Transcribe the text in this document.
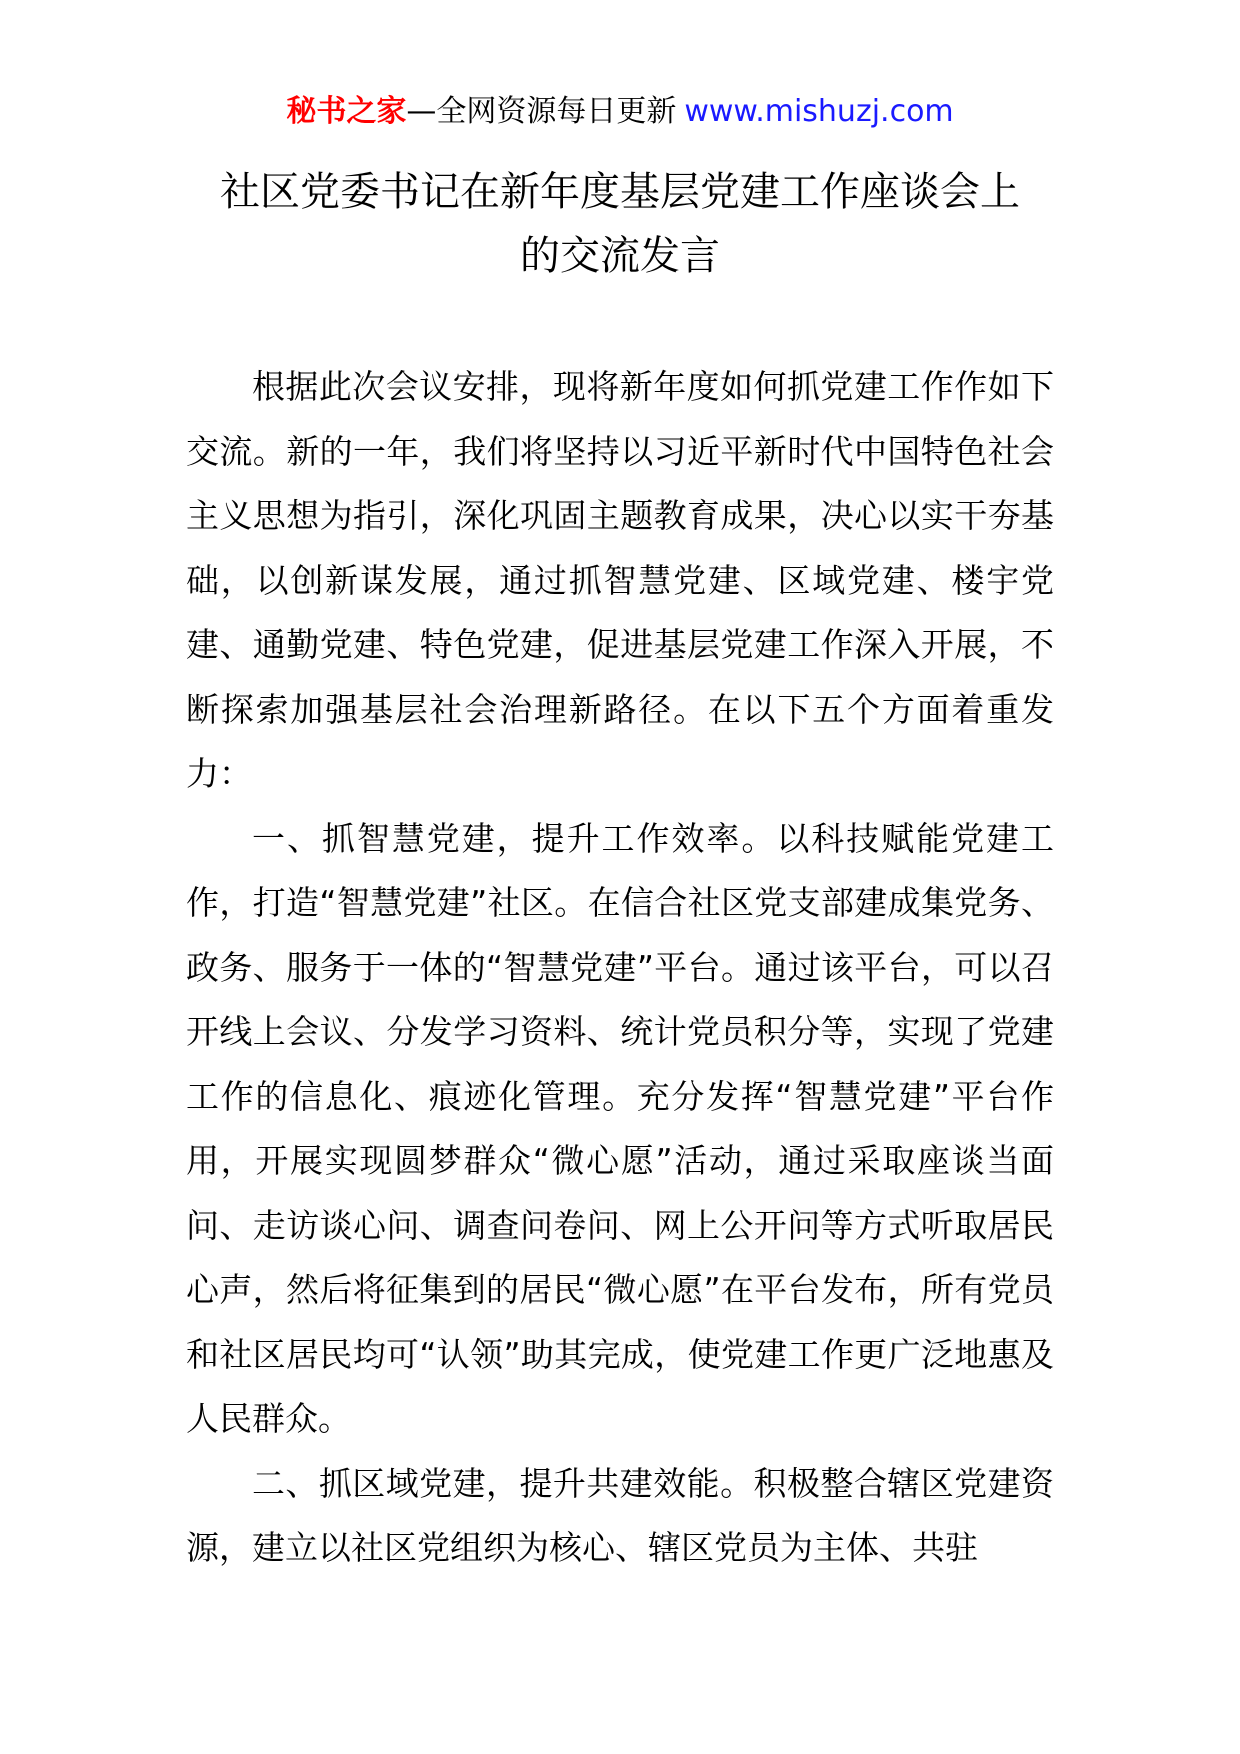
秘书之家—全网资源每日更新 www.mishuzj.com
社区党委书记在新年度基层党建工作座谈会上
的交流发言

根据此次会议安排，现将新年度如何抓党建工作作如下交流。新的一年，我们将坚持以习近平新时代中国特色社会主义思想为指引，深化巩固主题教育成果，决心以实干夯基础，以创新谋发展，通过抓智慧党建、区域党建、楼宇党建、通勤党建、特色党建，促进基层党建工作深入开展，不断探索加强基层社会治理新路径。在以下五个方面着重发力：

一、抓智慧党建，提升工作效率。以科技赋能党建工作，打造“智慧党建”社区。在信合社区党支部建成集党务、政务、服务于一体的“智慧党建”平台。通过该平台，可以召开线上会议、分发学习资料、统计党员积分等，实现了党建工作的信息化、痕迹化管理。充分发挥“智慧党建”平台作用，开展实现圆梦群众“微心愿”活动，通过采取座谈当面问、走访谈心问、调查问卷问、网上公开问等方式听取居民心声，然后将征集到的居民“微心愿”在平台发布，所有党员和社区居民均可“认领”助其完成，使党建工作更广泛地惠及人民群众。

二、抓区域党建，提升共建效能。积极整合辖区党建资源，建立以社区党组织为核心、辖区党员为主体、共驻
